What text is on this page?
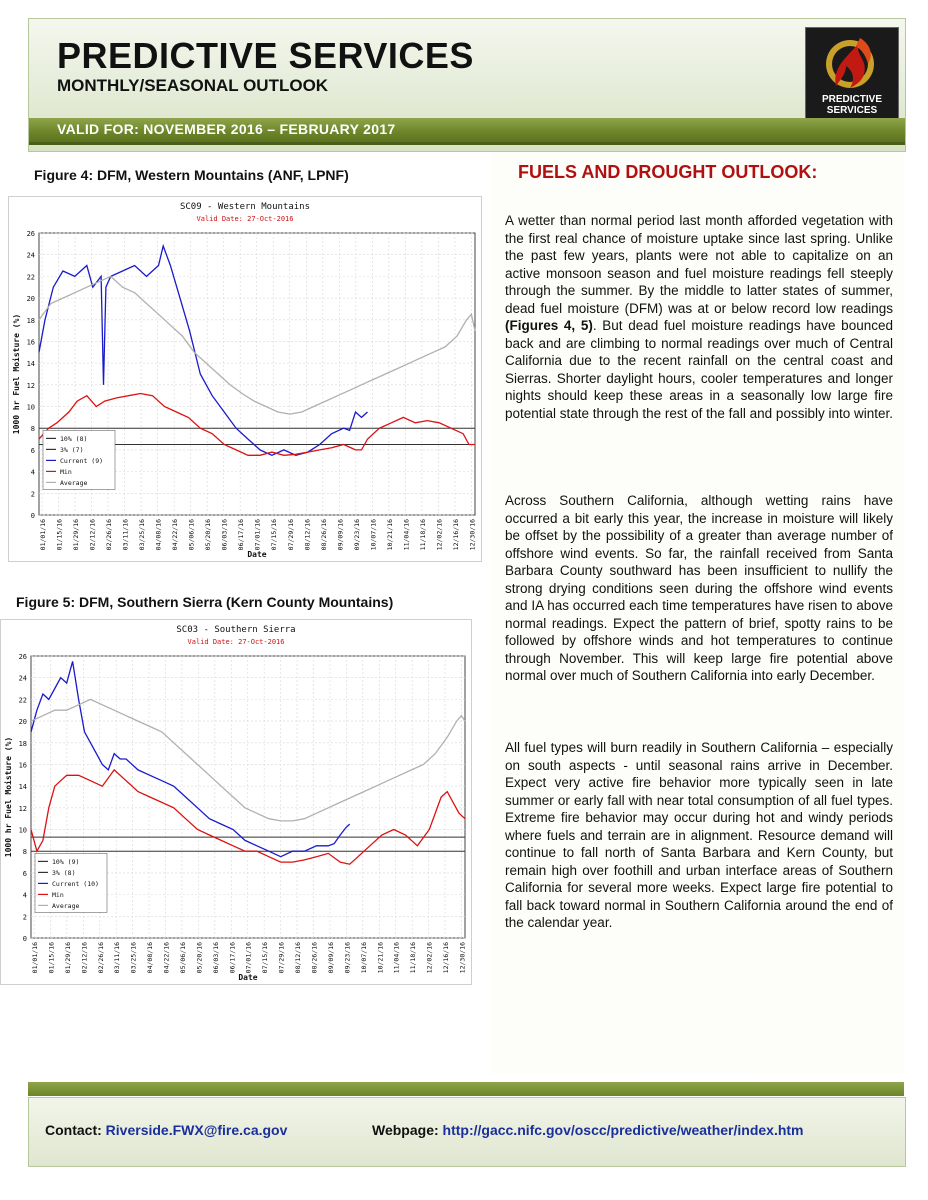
PREDICTIVE SERVICES
MONTHLY/SEASONAL OUTLOOK
PREDICTIVE
SERVICES
VALID FOR: NOVEMBER 2016 – FEBRUARY 2017
Figure 4: DFM, Western Mountains (ANF, LPNF)
SC09 - Western Mountains
Valid Date: 27-Oct-2016
0
2
4
6
8
10
12
14
16
18
20
22
24
26
01/01/16 01/15/16 01/29/16 02/12/16 02/26/16 03/11/16 03/25/16 04/08/16 04/22/16 05/06/16 05/20/16 06/03/16 06/17/16 07/01/16 07/15/16 07/29/16 08/12/16 08/26/16 09/09/16 09/23/16 10/07/16 10/21/16 11/04/16 11/18/16 12/02/16 12/16/16 12/30/16
Date
1000 hr Fuel Moisture (%)
10% (8)
3% (7)
Current (9)
Min
Average
Figure 5: DFM, Southern Sierra (Kern County Mountains)
SC03 - Southern Sierra
Valid Date: 27-Oct-2016
0
2
4
6
8
10
12
14
16
18
20
22
24
26
01/01/16 01/15/16 01/29/16 02/12/16 02/26/16 03/11/16 03/25/16 04/08/16 04/22/16 05/06/16 05/20/16 06/03/16 06/17/16 07/01/16 07/15/16 07/29/16 08/12/16 08/26/16 09/09/16 09/23/16 10/07/16 10/21/16 11/04/16 11/18/16 12/02/16 12/16/16 12/30/16
Date
1000 hr Fuel Moisture (%)
10% (9)
3% (8)
Current (10)
Min
Average
FUELS AND DROUGHT OUTLOOK:

A wetter than normal period last month afforded vegetation with the first real chance of moisture uptake since last spring. Unlike the past few years, plants were not able to capitalize on an active monsoon season and fuel moisture readings fell steeply through the summer. By the middle to latter states of summer, dead fuel moisture (DFM) was at or below record low readings (Figures 4, 5). But dead fuel moisture readings have bounced back and are climbing to normal readings over much of Central California due to the recent rainfall on the central coast and Sierras. Shorter daylight hours, cooler temperatures and longer nights should keep these areas in a seasonally low large fire potential state through the rest of the fall and possibly into winter.

Across Southern California, although wetting rains have occurred a bit early this year, the increase in moisture will likely be offset by the possibility of a greater than average number of offshore wind events. So far, the rainfall received from Santa Barbara County southward has been insufficient to nullify the strong drying conditions seen during the offshore wind events and IA has occurred each time temperatures have risen to above normal readings. Expect the pattern of brief, spotty rains to be followed by offshore winds and hot temperatures to continue through November. This will keep large fire potential above normal over much of Southern California into early December.

All fuel types will burn readily in Southern California – especially on south aspects - until seasonal rains arrive in December. Expect very active fire behavior more typically seen in late summer or early fall with near total consumption of all fuel types. Extreme fire behavior may occur during hot and windy periods where fuels and terrain are in alignment. Resource demand will continue to fall north of Santa Barbara and Kern County, but remain high over foothill and urban interface areas of Southern California for several more weeks. Expect large fire potential to fall back toward normal in Southern California around the end of the calendar year.

Contact: Riverside.FWX@fire.ca.gov	Webpage: http://gacc.nifc.gov/oscc/predictive/weather/index.htm
